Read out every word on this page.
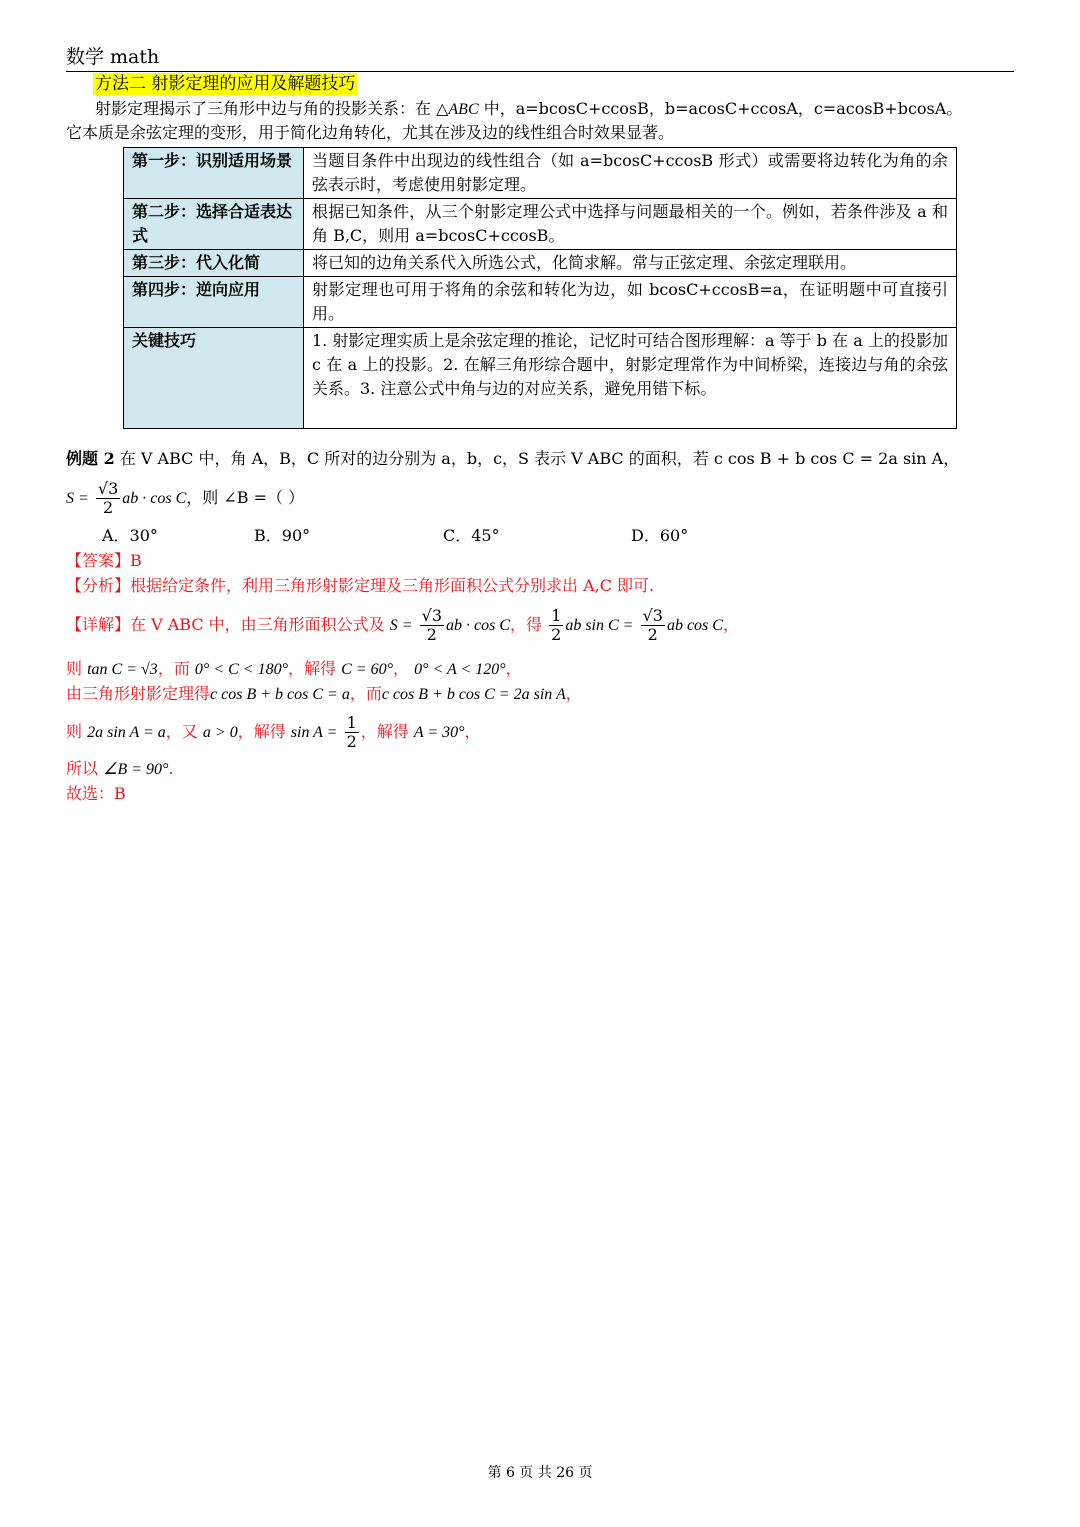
数学 math
方法二 射影定理的应用及解题技巧
射影定理揭示了三角形中边与角的投影关系：在 △ABC 中，a=bcosC+ccosB，b=acosC+ccosA，c=acosB+bcosA。
它本质是余弦定理的变形，用于简化边角转化，尤其在涉及边的线性组合时效果显著。
第一步：识别适用场景	当题目条件中出现边的线性组合（如 a=bcosC+ccosB 形式）或需要将边转化为角的余弦表示时，考虑使用射影定理。
第二步：选择合适表达式	根据已知条件，从三个射影定理公式中选择与问题最相关的一个。例如，若条件涉及 a 和角 B,C，则用 a=bcosC+ccosB。
第三步：代入化简	将已知的边角关系代入所选公式，化简求解。常与正弦定理、余弦定理联用。
第四步：逆向应用	射影定理也可用于将角的余弦和转化为边，如 bcosC+ccosB=a，在证明题中可直接引用。
关键技巧	1. 射影定理实质上是余弦定理的推论，记忆时可结合图形理解：a 等于 b 在 a 上的投影加 c 在 a 上的投影。2. 在解三角形综合题中，射影定理常作为中间桥梁，连接边与角的余弦关系。3. 注意公式中角与边的对应关系，避免用错下标。
例题 2 在 V ABC 中，角 A，B，C 所对的边分别为 a，b，c，S 表示 V ABC 的面积，若 c cos B + b cos C = 2a sin A，
$S = \frac{√3}{2}$ ab · cos C，则 ∠B =（ ）
A．30°	B．90°	C．45°	D．60°
【答案】B
【分析】根据给定条件，利用三角形射影定理及三角形面积公式分别求出 A,C 即可.
【详解】在 V ABC 中，由三角形面积公式及 $S = \frac{√3}{2}$ ab · cos C，得 $\frac{1}{2}$ ab $\sin C = \frac{√3}{2}$ ab cos C，
则 tan C = √3，而 0° < C < 180°，解得 C = 60°， 0° < A < 120°，
由三角形射影定理得c cos B + b cos C = a，而c cos B + b cos C = 2a sin A，
则 2a sin A = a，又 a > 0，解得 $\sin A = \frac{1}{2}$ ，解得 A = 30°，
所以 ∠B = 90°.
故选：B
第 6 页 共 26 页
